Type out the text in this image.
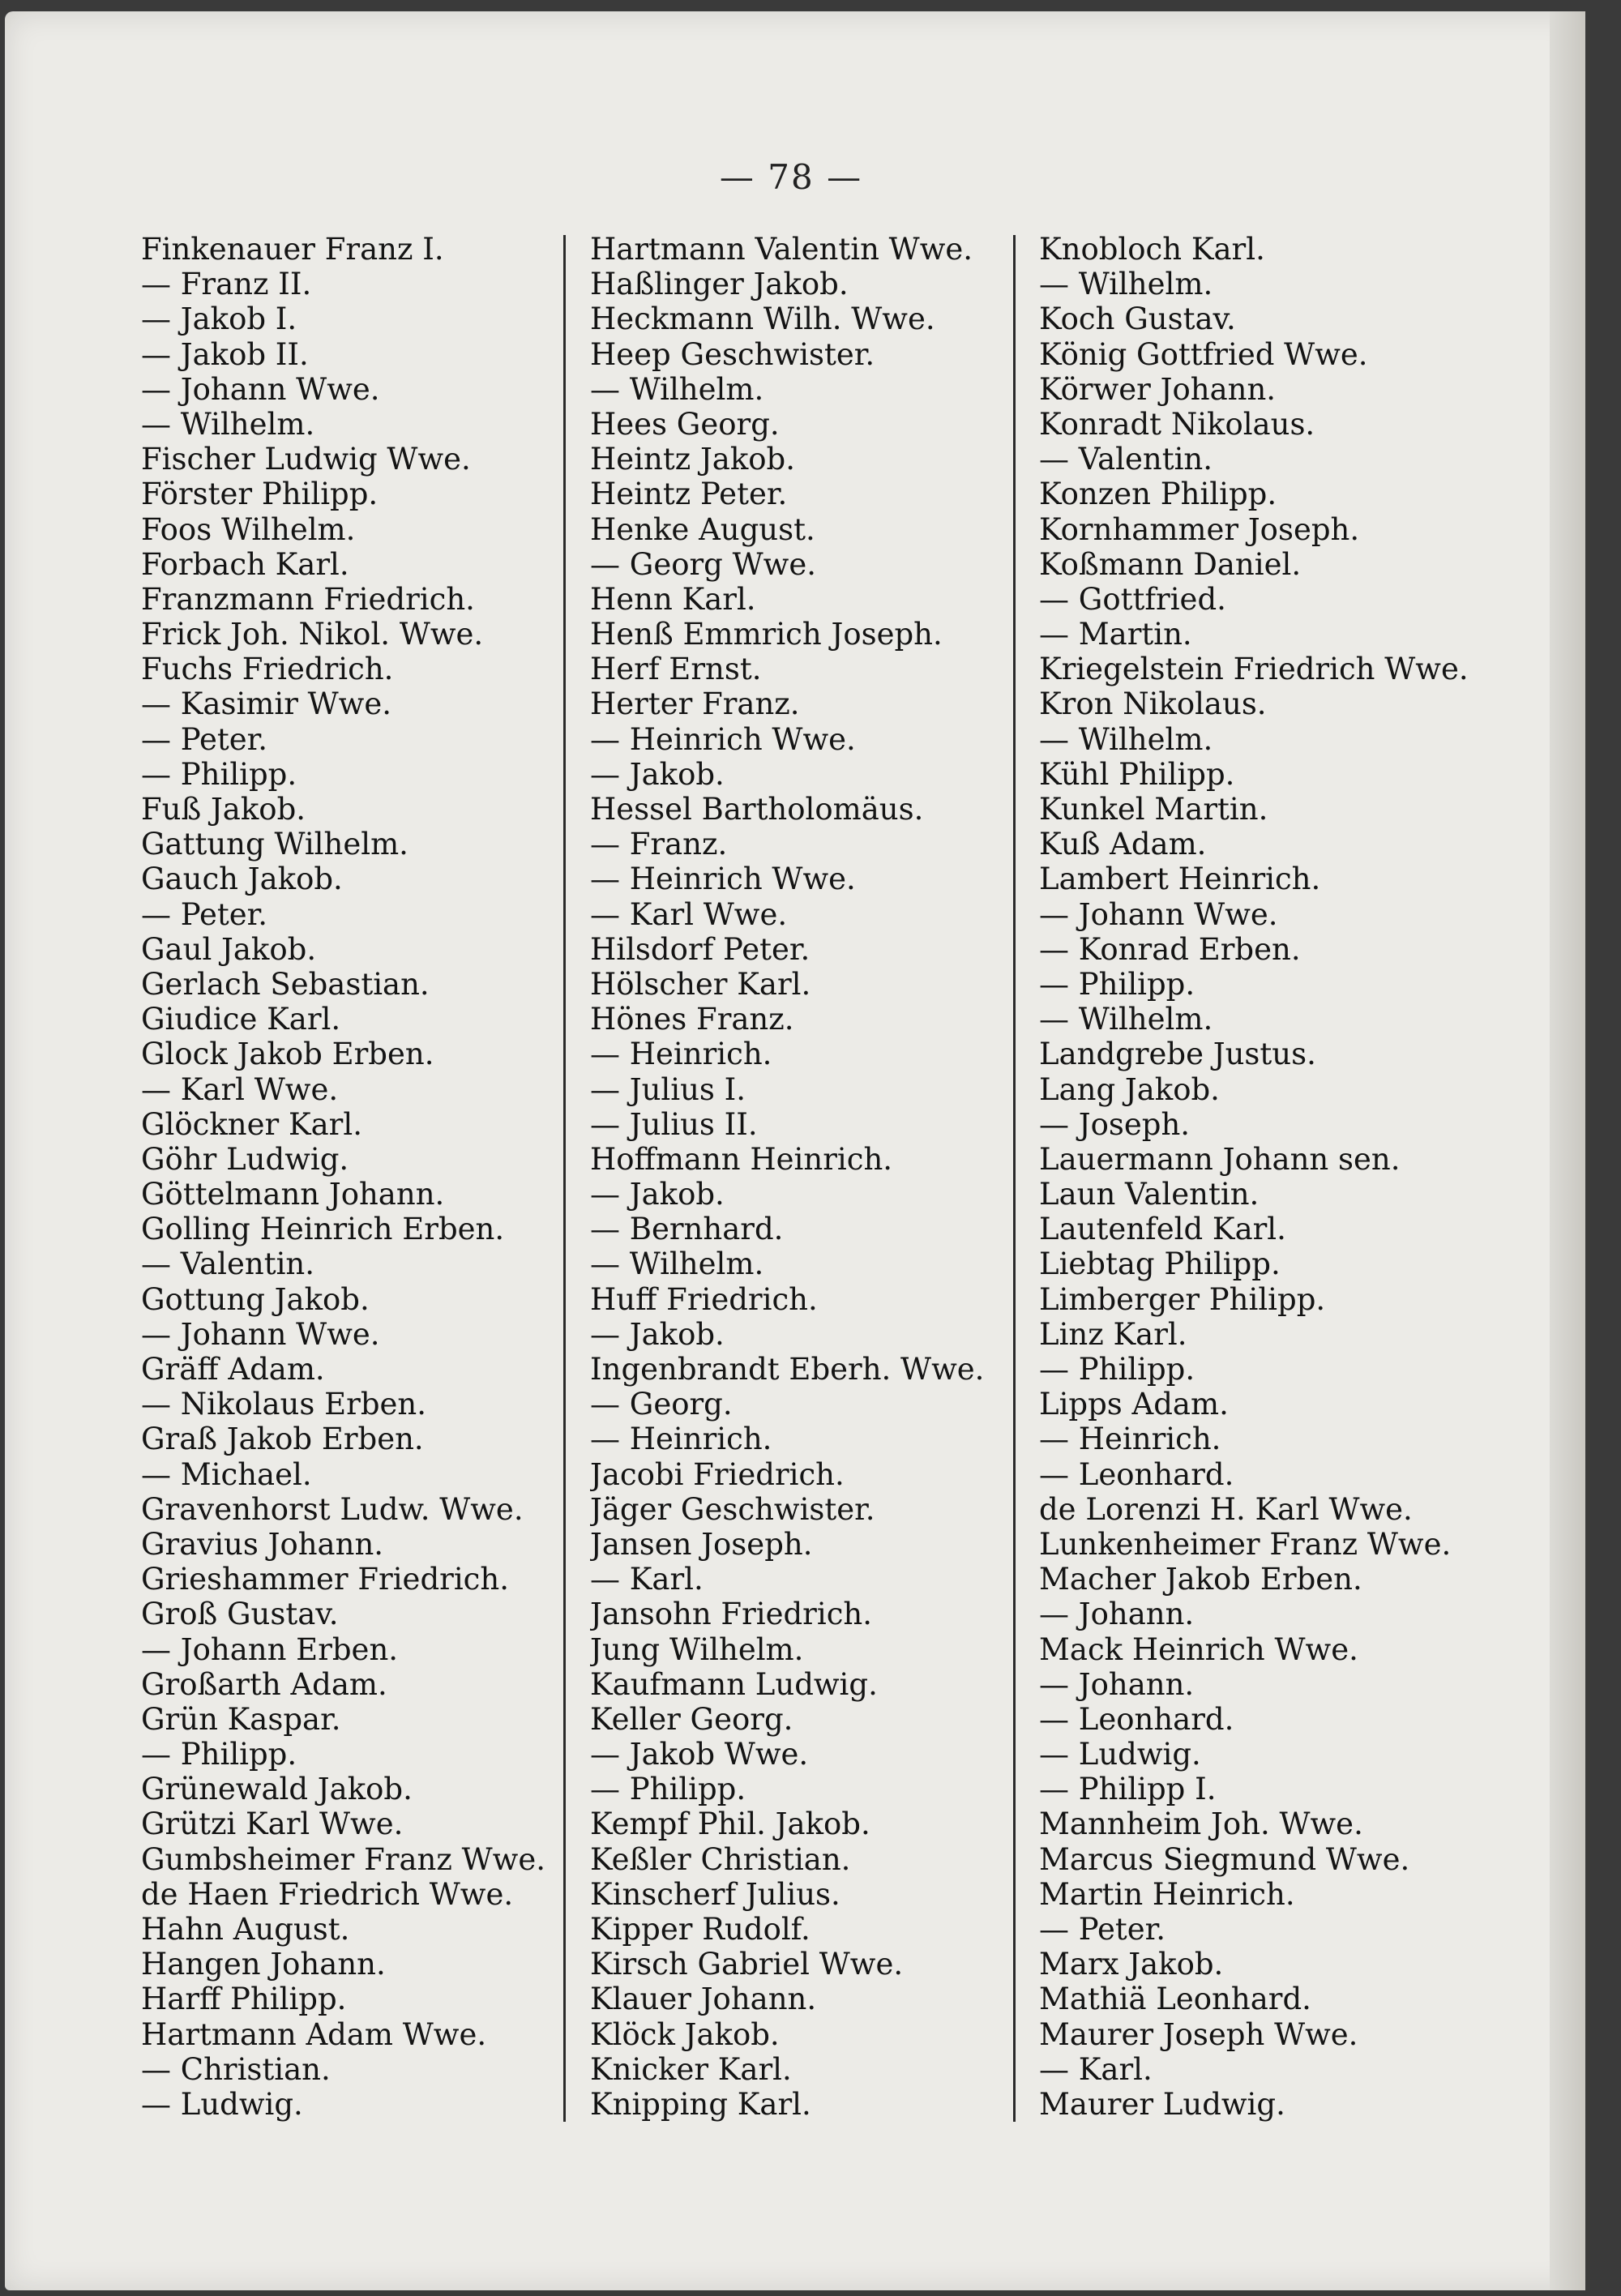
— 78 —
Finkenauer Franz I.
— Franz II.
— Jakob I.
— Jakob II.
— Johann Wwe.
— Wilhelm.
Fischer Ludwig Wwe.
Förster Philipp.
Foos Wilhelm.
Forbach Karl.
Franzmann Friedrich.
Frick Joh. Nikol. Wwe.
Fuchs Friedrich.
— Kasimir Wwe.
— Peter.
— Philipp.
Fuß Jakob.
Gattung Wilhelm.
Gauch Jakob.
— Peter.
Gaul Jakob.
Gerlach Sebastian.
Giudice Karl.
Glock Jakob Erben.
— Karl Wwe.
Glöckner Karl.
Göhr Ludwig.
Göttelmann Johann.
Golling Heinrich Erben.
— Valentin.
Gottung Jakob.
— Johann Wwe.
Gräff Adam.
— Nikolaus Erben.
Graß Jakob Erben.
— Michael.
Gravenhorst Ludw. Wwe.
Gravius Johann.
Grieshammer Friedrich.
Groß Gustav.
— Johann Erben.
Großarth Adam.
Grün Kaspar.
— Philipp.
Grünewald Jakob.
Grützi Karl Wwe.
Gumbsheimer Franz Wwe.
de Haen Friedrich Wwe.
Hahn August.
Hangen Johann.
Harff Philipp.
Hartmann Adam Wwe.
— Christian.
— Ludwig.
Hartmann Valentin Wwe.
Haßlinger Jakob.
Heckmann Wilh. Wwe.
Heep Geschwister.
— Wilhelm.
Hees Georg.
Heintz Jakob.
Heintz Peter.
Henke August.
— Georg Wwe.
Henn Karl.
Henß Emmrich Joseph.
Herf Ernst.
Herter Franz.
— Heinrich Wwe.
— Jakob.
Hessel Bartholomäus.
— Franz.
— Heinrich Wwe.
— Karl Wwe.
Hilsdorf Peter.
Hölscher Karl.
Hönes Franz.
— Heinrich.
— Julius I.
— Julius II.
Hoffmann Heinrich.
— Jakob.
— Bernhard.
— Wilhelm.
Huff Friedrich.
— Jakob.
Ingenbrandt Eberh. Wwe.
— Georg.
— Heinrich.
Jacobi Friedrich.
Jäger Geschwister.
Jansen Joseph.
— Karl.
Jansohn Friedrich.
Jung Wilhelm.
Kaufmann Ludwig.
Keller Georg.
— Jakob Wwe.
— Philipp.
Kempf Phil. Jakob.
Keßler Christian.
Kinscherf Julius.
Kipper Rudolf.
Kirsch Gabriel Wwe.
Klauer Johann.
Klöck Jakob.
Knicker Karl.
Knipping Karl.
Knobloch Karl.
— Wilhelm.
Koch Gustav.
König Gottfried Wwe.
Körwer Johann.
Konradt Nikolaus.
— Valentin.
Konzen Philipp.
Kornhammer Joseph.
Koßmann Daniel.
— Gottfried.
— Martin.
Kriegelstein Friedrich Wwe.
Kron Nikolaus.
— Wilhelm.
Kühl Philipp.
Kunkel Martin.
Kuß Adam.
Lambert Heinrich.
— Johann Wwe.
— Konrad Erben.
— Philipp.
— Wilhelm.
Landgrebe Justus.
Lang Jakob.
— Joseph.
Lauermann Johann sen.
Laun Valentin.
Lautenfeld Karl.
Liebtag Philipp.
Limberger Philipp.
Linz Karl.
— Philipp.
Lipps Adam.
— Heinrich.
— Leonhard.
de Lorenzi H. Karl Wwe.
Lunkenheimer Franz Wwe.
Macher Jakob Erben.
— Johann.
Mack Heinrich Wwe.
— Johann.
— Leonhard.
— Ludwig.
— Philipp I.
Mannheim Joh. Wwe.
Marcus Siegmund Wwe.
Martin Heinrich.
— Peter.
Marx Jakob.
Mathiä Leonhard.
Maurer Joseph Wwe.
— Karl.
Maurer Ludwig.
